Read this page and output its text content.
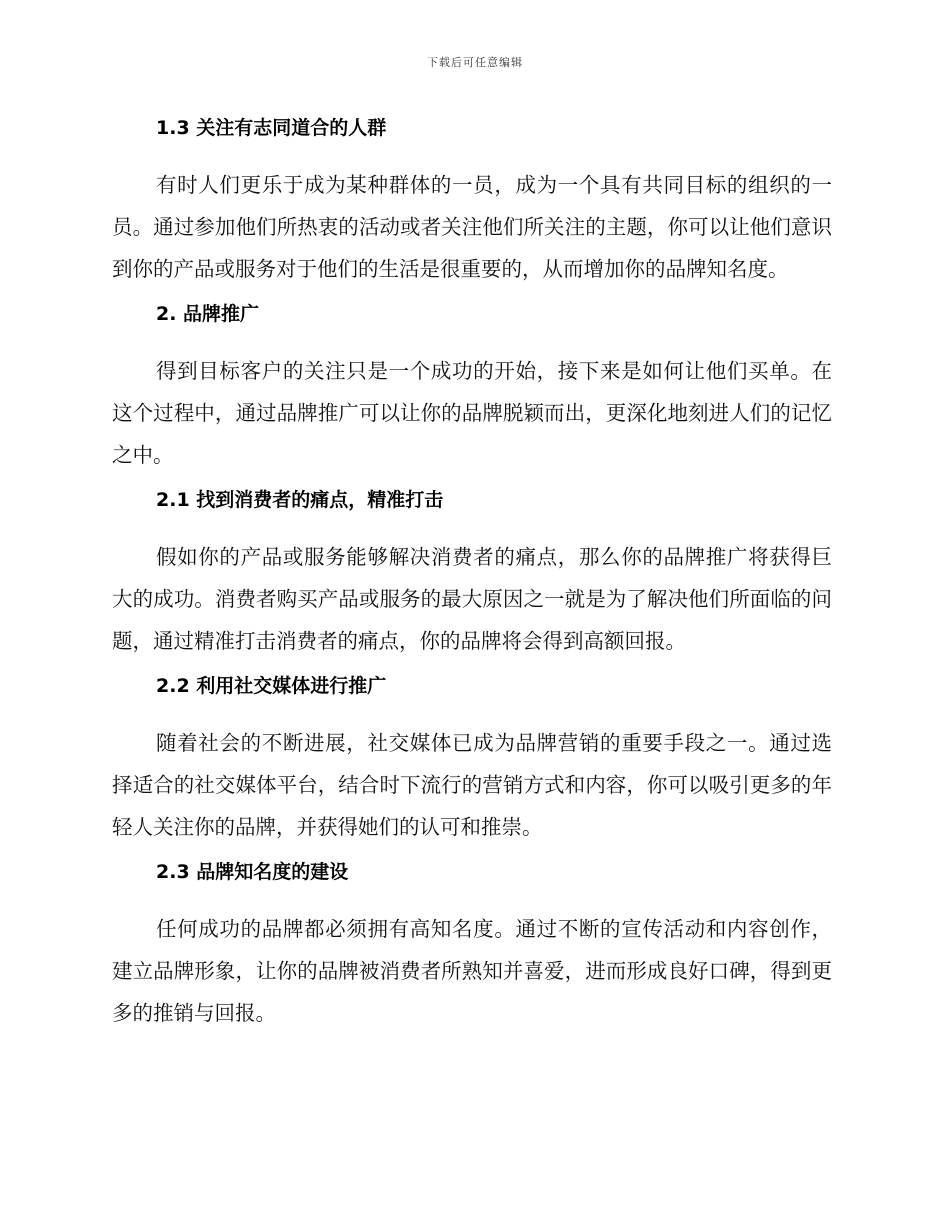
下载后可任意编辑
1.3 关注有志同道合的人群

有时人们更乐于成为某种群体的一员，成为一个具有共同目标的组织的一员。通过参加他们所热衷的活动或者关注他们所关注的主题，你可以让他们意识到你的产品或服务对于他们的生活是很重要的，从而增加你的品牌知名度。

2. 品牌推广

得到目标客户的关注只是一个成功的开始，接下来是如何让他们买单。在这个过程中，通过品牌推广可以让你的品牌脱颖而出，更深化地刻进人们的记忆之中。

2.1 找到消费者的痛点，精准打击

假如你的产品或服务能够解决消费者的痛点，那么你的品牌推广将获得巨大的成功。消费者购买产品或服务的最大原因之一就是为了解决他们所面临的问题，通过精准打击消费者的痛点，你的品牌将会得到高额回报。

2.2 利用社交媒体进行推广

随着社会的不断进展，社交媒体已成为品牌营销的重要手段之一。通过选择适合的社交媒体平台，结合时下流行的营销方式和内容，你可以吸引更多的年轻人关注你的品牌，并获得她们的认可和推崇。

2.3 品牌知名度的建设

任何成功的品牌都必须拥有高知名度。通过不断的宣传活动和内容创作，建立品牌形象，让你的品牌被消费者所熟知并喜爱，进而形成良好口碑，得到更多的推销与回报。
